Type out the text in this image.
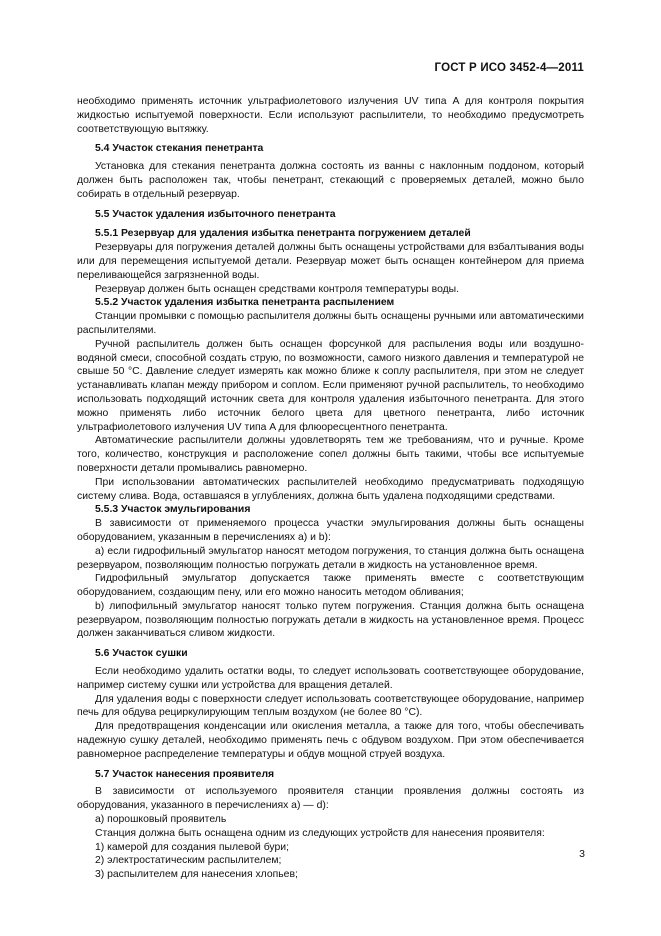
ГОСТ Р ИСО 3452-4—2011

необходимо применять источник ультрафиолетового излучения UV типа A для контроля покрытия жидкостью испытуемой поверхности. Если используют распылители, то необходимо предусмотреть соответствующую вытяжку.

5.4 Участок стекания пенетранта

Установка для стекания пенетранта должна состоять из ванны с наклонным поддоном, который должен быть расположен так, чтобы пенетрант, стекающий с проверяемых деталей, можно было собирать в отдельный резервуар.

5.5 Участок удаления избыточного пенетранта

5.5.1 Резервуар для удаления избытка пенетранта погружением деталей

Резервуары для погружения деталей должны быть оснащены устройствами для взбалтывания воды или для перемещения испытуемой детали. Резервуар может быть оснащен контейнером для приема переливающейся загрязненной воды.

Резервуар должен быть оснащен средствами контроля температуры воды.

5.5.2 Участок удаления избытка пенетранта распылением

Станции промывки с помощью распылителя должны быть оснащены ручными или автоматическими распылителями.

Ручной распылитель должен быть оснащен форсункой для распыления воды или воздушно-водяной смеси, способной создать струю, по возможности, самого низкого давления и температурой не свыше 50 °C. Давление следует измерять как можно ближе к соплу распылителя, при этом не следует устанавливать клапан между прибором и соплом. Если применяют ручной распылитель, то необходимо использовать подходящий источник света для контроля удаления избыточного пенетранта. Для этого можно применять либо источник белого цвета для цветного пенетранта, либо источник ультрафиолетового излучения UV типа A для флюоресцентного пенетранта.

Автоматические распылители должны удовлетворять тем же требованиям, что и ручные. Кроме того, количество, конструкция и расположение сопел должны быть такими, чтобы все испытуемые поверхности детали промывались равномерно.

При использовании автоматических распылителей необходимо предусматривать подходящую систему слива. Вода, оставшаяся в углублениях, должна быть удалена подходящими средствами.

5.5.3 Участок эмульгирования

В зависимости от применяемого процесса участки эмульгирования должны быть оснащены оборудованием, указанным в перечислениях a) и b):

a) если гидрофильный эмульгатор наносят методом погружения, то станция должна быть оснащена резервуаром, позволяющим полностью погружать детали в жидкость на установленное время.

Гидрофильный эмульгатор допускается также применять вместе с соответствующим оборудованием, создающим пену, или его можно наносить методом обливания;

b) липофильный эмульгатор наносят только путем погружения. Станция должна быть оснащена резервуаром, позволяющим полностью погружать детали в жидкость на установленное время. Процесс должен заканчиваться сливом жидкости.

5.6 Участок сушки

Если необходимо удалить остатки воды, то следует использовать соответствующее оборудование, например систему сушки или устройства для вращения деталей.

Для удаления воды с поверхности следует использовать соответствующее оборудование, например печь для обдува рециркулирующим теплым воздухом (не более 80 °C).

Для предотвращения конденсации или окисления металла, а также для того, чтобы обеспечивать надежную сушку деталей, необходимо применять печь с обдувом воздухом. При этом обеспечивается равномерное распределение температуры и обдув мощной струей воздуха.

5.7 Участок нанесения проявителя

В зависимости от используемого проявителя станции проявления должны состоять из оборудования, указанного в перечислениях a) — d):

a) порошковый проявитель

Станция должна быть оснащена одним из следующих устройств для нанесения проявителя:

1) камерой для создания пылевой бури;

2) электростатическим распылителем;

3) распылителем для нанесения хлопьев;

3
